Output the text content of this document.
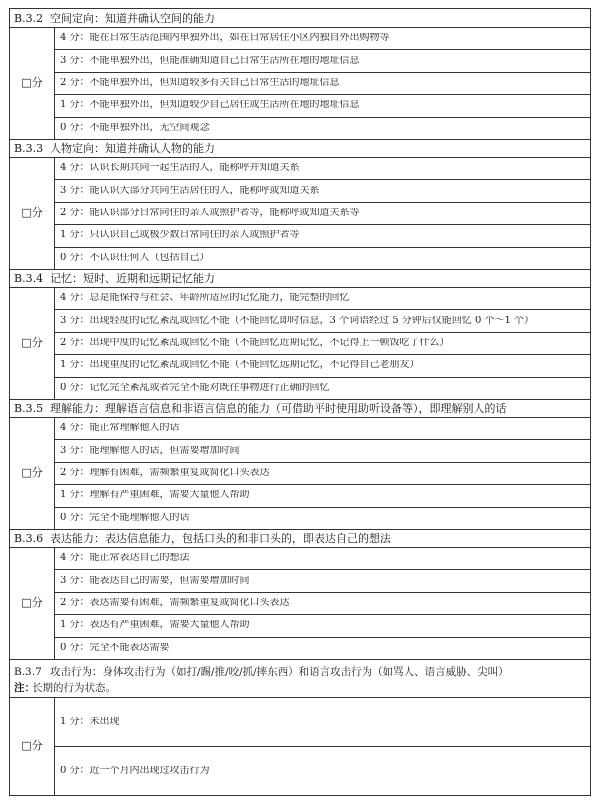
B.3.2 空间定向：知道并确认空间的能力
□分
4 分：能在日常生活范围内单独外出，如在日常居住小区内独自外出购物等
3 分：不能单独外出，但能准确知道自己日常生活所在地的地址信息
2 分：不能单独外出，但知道较多有关自己日常生活的地址信息
1 分：不能单独外出，但知道较少自己居住或生活所在地的地址信息
0 分：不能单独外出，无空间观念
B.3.3 人物定向：知道并确认人物的能力
□分
4 分：认识长期共同一起生活的人，能称呼并知道关系
3 分：能认识大部分共同生活居住的人，能称呼或知道关系
2 分：能认识部分日常同住的亲人或照护者等，能称呼或知道关系等
1 分：只认识自己或极少数日常同住的亲人或照护者等
0 分：不认识任何人（包括自己）
B.3.4 记忆：短时、近期和远期记忆能力
□分
4 分：总是能保持与社会、年龄所适应的记忆能力，能完整的回忆
3 分：出现轻度的记忆紊乱或回忆不能（不能回忆即时信息，3 个词语经过 5 分钟后仅能回忆 0 个～1 个）
2 分：出现中度的记忆紊乱或回忆不能（不能回忆近期记忆，不记得上一顿饭吃了什么）
1 分：出现重度的记忆紊乱或回忆不能（不能回忆远期记忆，不记得自己老朋友）
0 分：记忆完全紊乱或者完全不能对既往事物进行正确的回忆
B.3.5 理解能力：理解语言信息和非语言信息的能力（可借助平时使用助听设备等），即理解别人的话
□分
4 分：能正常理解他人的话
3 分：能理解他人的话，但需要增加时间
2 分：理解有困难，需频繁重复或简化口头表达
1 分：理解有严重困难，需要大量他人帮助
0 分：完全不能理解他人的话
B.3.6 表达能力：表达信息能力，包括口头的和非口头的，即表达自己的想法
□分
4 分：能正常表达自己的想法
3 分：能表达自己的需要，但需要增加时间
2 分：表达需要有困难，需频繁重复或简化口头表达
1 分：表达有严重困难，需要大量他人帮助
0 分：完全不能表达需要
B.3.7 攻击行为：身体攻击行为（如打/踢/推/咬/抓/摔东西）和语言攻击行为（如骂人、语言威胁、尖叫）
注：
长期的行为状态。
□分
1 分：未出现
0 分：近一个月内出现过攻击行为
